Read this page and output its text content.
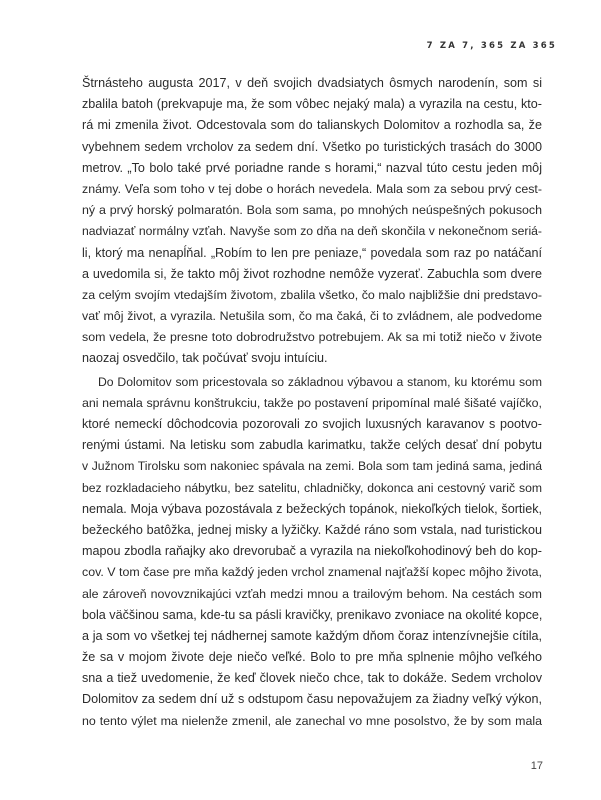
7 ZA 7, 365 ZA 365
Štrnásteho augusta 2017, v deň svojich dvadsiatych ôsmych narodenín, som si
zbalila batoh (prekvapuje ma, že som vôbec nejaký mala) a vyrazila na cestu, kto-
rá mi zmenila život. Odcestovala som do talianskych Dolomitov a rozhodla sa, že
vybehnem sedem vrcholov za sedem dní. Všetko po turistických trasách do 3000
metrov. „To bolo také prvé poriadne rande s horami,“ nazval túto cestu jeden môj
známy. Veľa som toho v tej dobe o horách nevedela. Mala som za sebou prvý cest-
ný a prvý horský polmaratón. Bola som sama, po mnohých neúspešných pokusoch
nadviazať normálny vzťah. Navyše som zo dňa na deň skončila v nekonečnom seriá-
li, ktorý ma nenapĺňal. „Robím to len pre peniaze,“ povedala som raz po natáčaní
a uvedomila si, že takto môj život rozhodne nemôže vyzerať. Zabuchla som dvere
za celým svojím vtedajším životom, zbalila všetko, čo malo najbližšie dni predstavo-
vať môj život, a vyrazila. Netušila som, čo ma čaká, či to zvládnem, ale podvedome
som vedela, že presne toto dobrodružstvo potrebujem. Ak sa mi totiž niečo v živote
naozaj osvedčilo, tak počúvať svoju intuíciu.
Do Dolomitov som pricestovala so základnou výbavou a stanom, ku ktorému som
ani nemala správnu konštrukciu, takže po postavení pripomínal malé šišaté vajíčko,
ktoré nemeckí dôchodcovia pozorovali zo svojich luxusných karavanov s pootvo-
renými ústami. Na letisku som zabudla karimatku, takže celých desať dní pobytu
v Južnom Tirolsku som nakoniec spávala na zemi. Bola som tam jediná sama, jediná
bez rozkladacieho nábytku, bez satelitu, chladničky, dokonca ani cestovný varič som
nemala. Moja výbava pozostávala z bežeckých topánok, niekoľkých tielok, šortiek,
bežeckého batôžka, jednej misky a lyžičky. Každé ráno som vstala, nad turistickou
mapou zbodla raňajky ako drevorubač a vyrazila na niekoľkohodinový beh do kop-
cov. V tom čase pre mňa každý jeden vrchol znamenal najťažší kopec môjho života,
ale zároveň novovznikajúci vzťah medzi mnou a trailovým behom. Na cestách som
bola väčšinou sama, kde-tu sa pásli kravičky, prenikavo zvoniace na okolité kopce,
a ja som vo všetkej tej nádhernej samote každým dňom čoraz intenzívnejšie cítila,
že sa v mojom živote deje niečo veľké. Bolo to pre mňa splnenie môjho veľkého
sna a tiež uvedomenie, že keď človek niečo chce, tak to dokáže. Sedem vrcholov
Dolomitov za sedem dní už s odstupom času nepovažujem za žiadny veľký výkon,
no tento výlet ma nielenže zmenil, ale zanechal vo mne posolstvo, že by som mala
17
